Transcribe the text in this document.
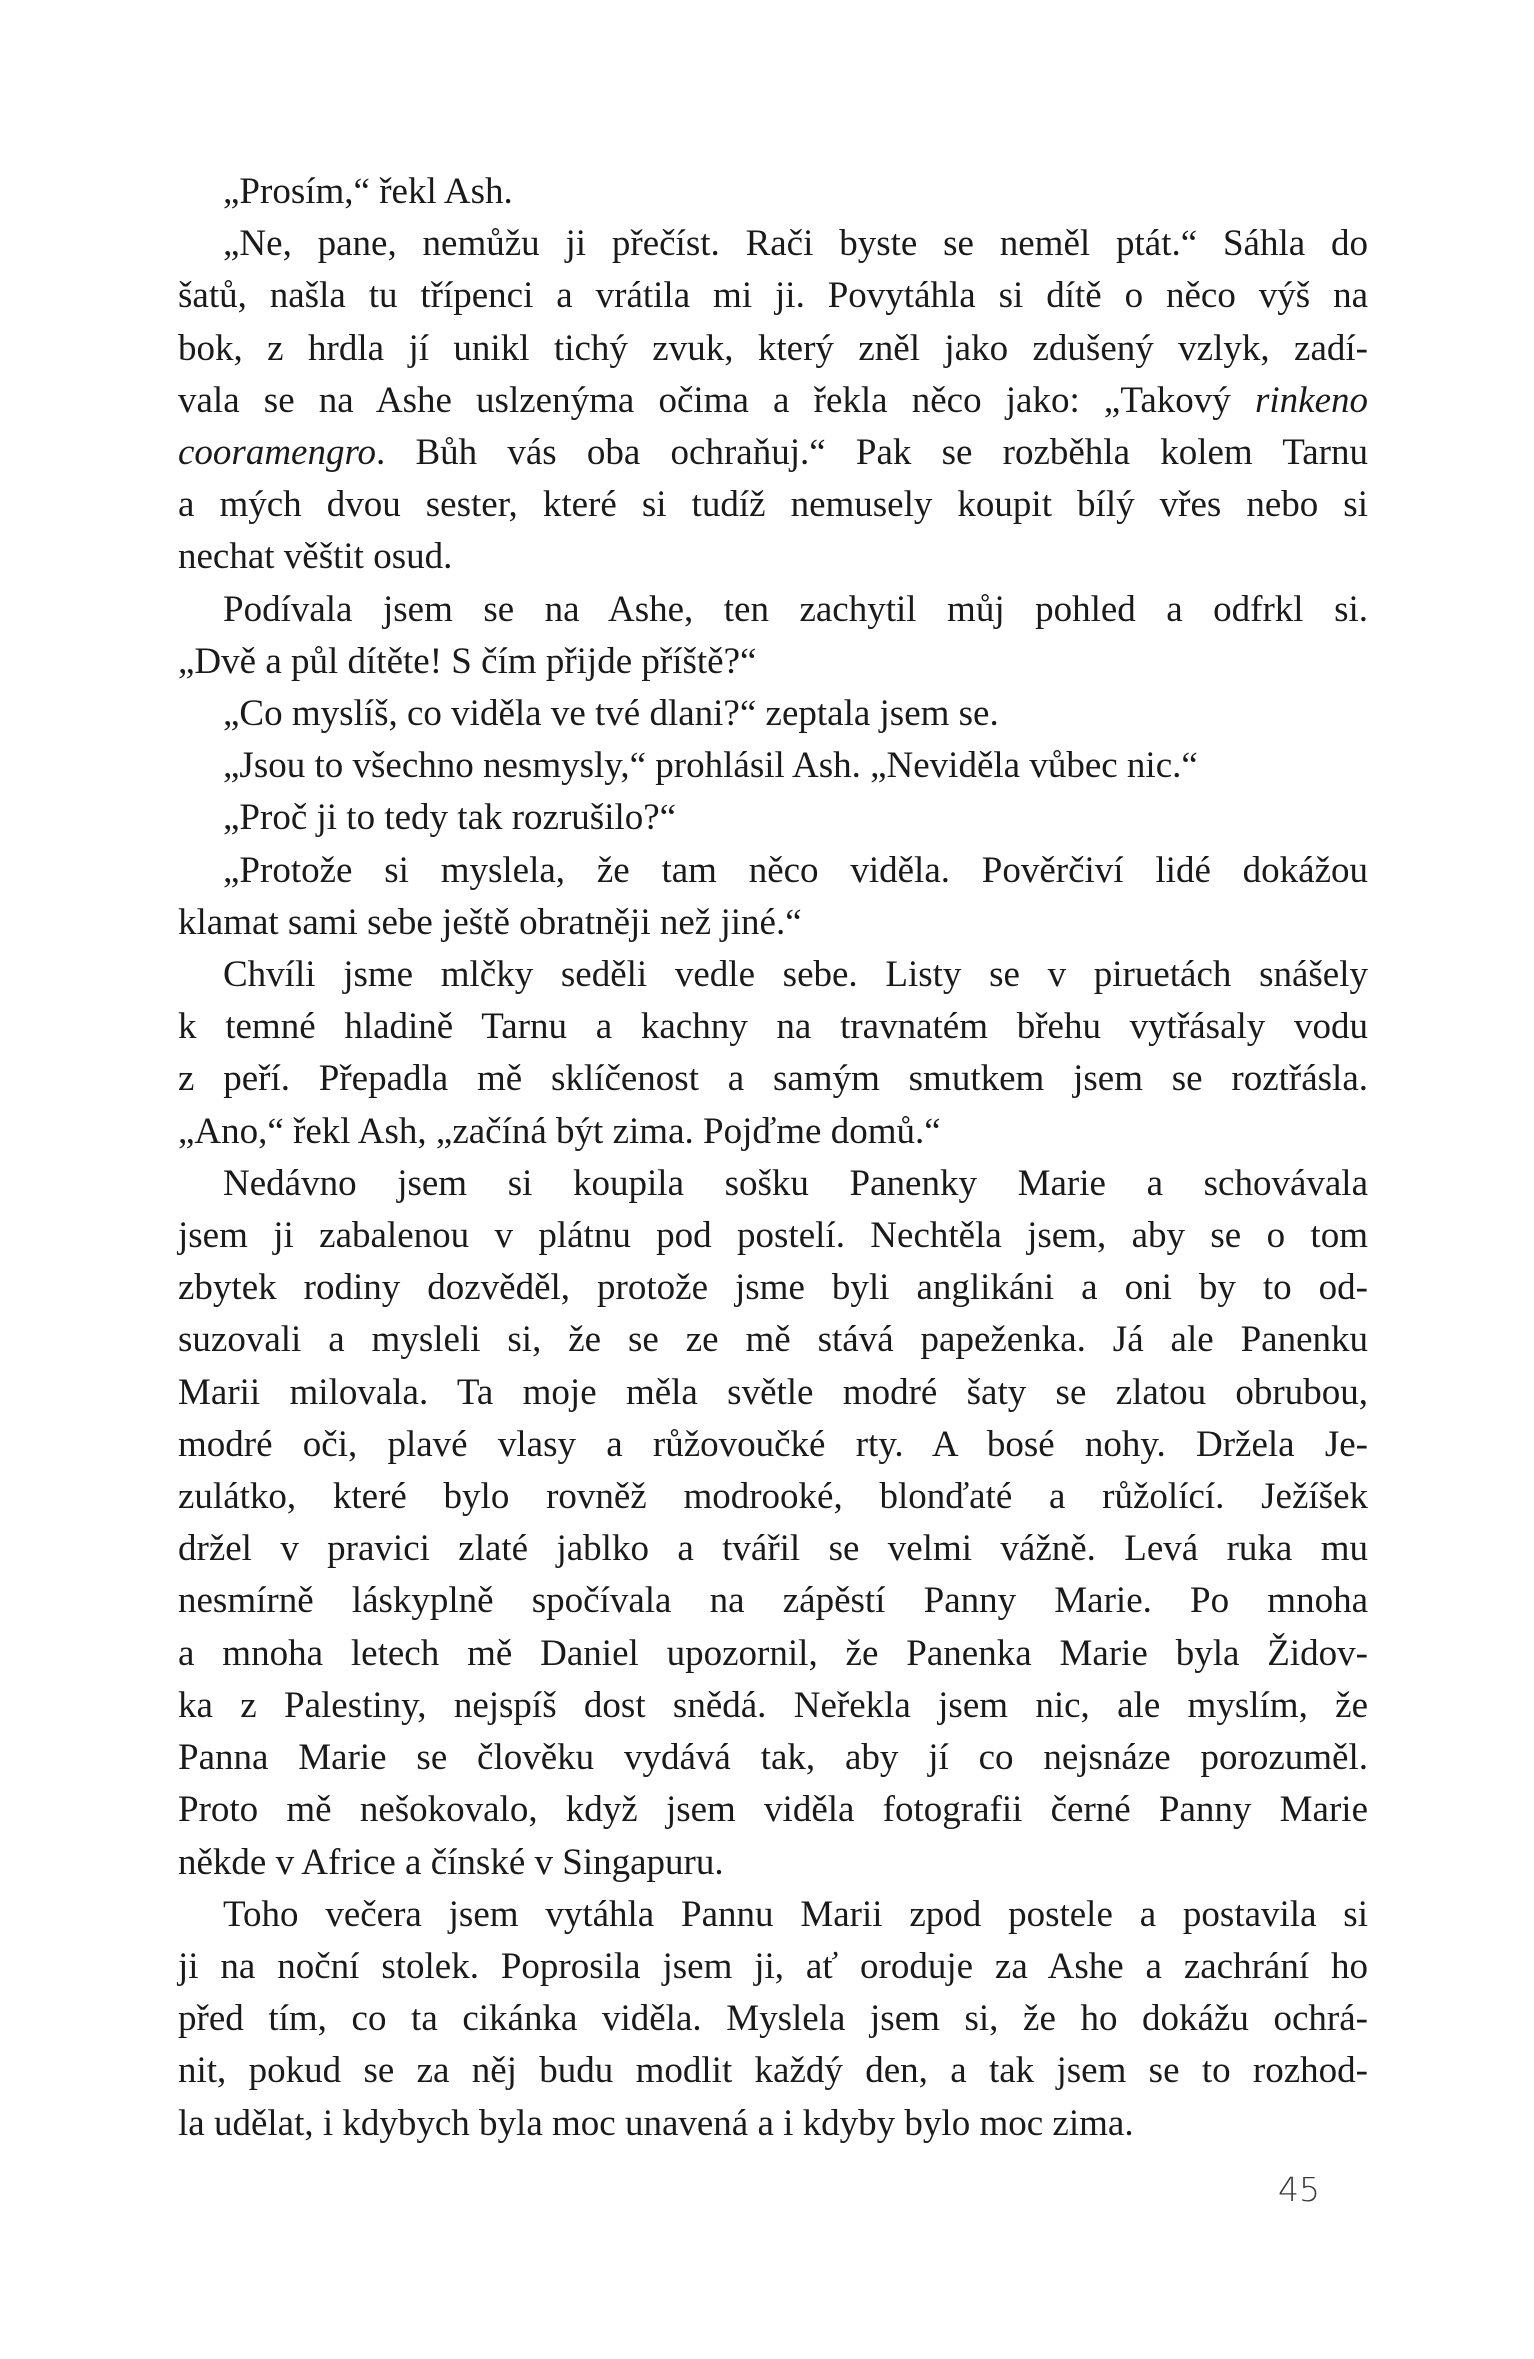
„Prosím,“ řekl Ash.
„Ne, pane, nemůžu ji přečíst. Rači byste se neměl ptát.“ Sáhla do
šatů, našla tu třípenci a vrátila mi ji. Povytáhla si dítě o něco výš na
bok, z hrdla jí unikl tichý zvuk, který zněl jako zdušený vzlyk, zadí-
vala se na Ashe uslzenýma očima a řekla něco jako: „Takový rinkeno
cooramengro. Bůh vás oba ochraňuj.“ Pak se rozběhla kolem Tarnu
a mých dvou sester, které si tudíž nemusely koupit bílý vřes nebo si
nechat věštit osud.
Podívala jsem se na Ashe, ten zachytil můj pohled a odfrkl si.
„Dvě a půl dítěte! S čím přijde příště?“
„Co myslíš, co viděla ve tvé dlani?“ zeptala jsem se.
„Jsou to všechno nesmysly,“ prohlásil Ash. „Neviděla vůbec nic.“
„Proč ji to tedy tak rozrušilo?“
„Protože si myslela, že tam něco viděla. Pověrčiví lidé dokážou
klamat sami sebe ještě obratněji než jiné.“
Chvíli jsme mlčky seděli vedle sebe. Listy se v piruetách snášely
k temné hladině Tarnu a kachny na travnatém břehu vytřásaly vodu
z peří. Přepadla mě sklíčenost a samým smutkem jsem se roztřásla.
„Ano,“ řekl Ash, „začíná být zima. Pojďme domů.“
Nedávno jsem si koupila sošku Panenky Marie a schovávala
jsem ji zabalenou v plátnu pod postelí. Nechtěla jsem, aby se o tom
zbytek rodiny dozvěděl, protože jsme byli anglikáni a oni by to od-
suzovali a mysleli si, že se ze mě stává papeženka. Já ale Panenku
Marii milovala. Ta moje měla světle modré šaty se zlatou obrubou,
modré oči, plavé vlasy a růžovoučké rty. A bosé nohy. Držela Je-
zulátko, které bylo rovněž modrooké, blonďaté a růžolící. Ježíšek
držel v pravici zlaté jablko a tvářil se velmi vážně. Levá ruka mu
nesmírně láskyplně spočívala na zápěstí Panny Marie. Po mnoha
a mnoha letech mě Daniel upozornil, že Panenka Marie byla Židov-
ka z Palestiny, nejspíš dost snědá. Neřekla jsem nic, ale myslím, že
Panna Marie se člověku vydává tak, aby jí co nejsnáze porozuměl.
Proto mě nešokovalo, když jsem viděla fotografii černé Panny Marie
někde v Africe a čínské v Singapuru.
Toho večera jsem vytáhla Pannu Marii zpod postele a postavila si
ji na noční stolek. Poprosila jsem ji, ať oroduje za Ashe a zachrání ho
před tím, co ta cikánka viděla. Myslela jsem si, že ho dokážu ochrá-
nit, pokud se za něj budu modlit každý den, a tak jsem se to rozhod-
la udělat, i kdybych byla moc unavená a i kdyby bylo moc zima.
45
